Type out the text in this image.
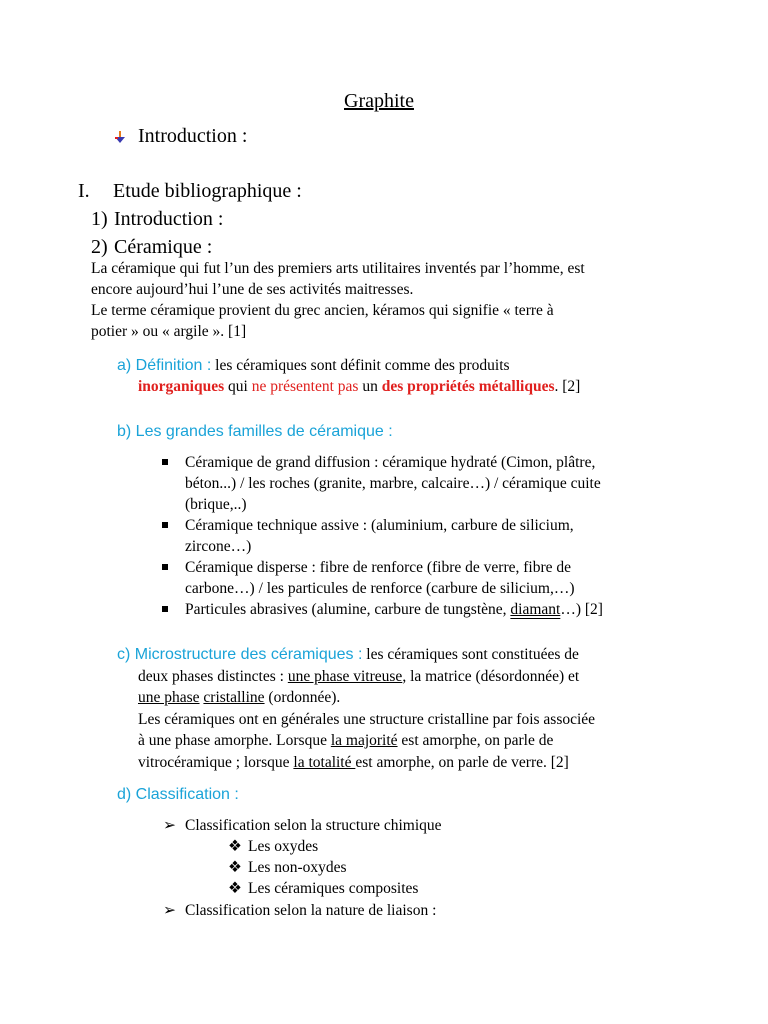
Graphite
Introduction :
I. Etude bibliographique :
1) Introduction :
2) Céramique :
La céramique qui fut l’un des premiers arts utilitaires inventés par l’homme, est
encore aujourd’hui l’une de ses activités maitresses.
Le terme céramique provient du grec ancien, kéramos qui signifie « terre à
potier » ou « argile ». [1]
a) Définition : les céramiques sont définit comme des produits
inorganiques qui ne présentent pas un des propriétés métalliques. [2]
b) Les grandes familles de céramique :
Céramique de grand diffusion : céramique hydraté (Cimon, plâtre,
béton...) / les roches (granite, marbre, calcaire…) / céramique cuite
(brique,..)
Céramique technique assive : (aluminium, carbure de silicium,
zircone…)
Céramique disperse : fibre de renforce (fibre de verre, fibre de
carbone…) / les particules de renforce (carbure de silicium,…)
Particules abrasives (alumine, carbure de tungstène, diamant…) [2]
c) Microstructure des céramiques : les céramiques sont constituées de
deux phases distinctes : une phase vitreuse, la matrice (désordonnée) et
une phase cristalline (ordonnée).
Les céramiques ont en générales une structure cristalline par fois associée
à une phase amorphe. Lorsque la majorité est amorphe, on parle de
vitrocéramique ; lorsque la totalité est amorphe, on parle de verre. [2]
d) Classification :
➢ Classification selon la structure chimique
❖ Les oxydes
❖ Les non-oxydes
❖ Les céramiques composites
➢ Classification selon la nature de liaison :
